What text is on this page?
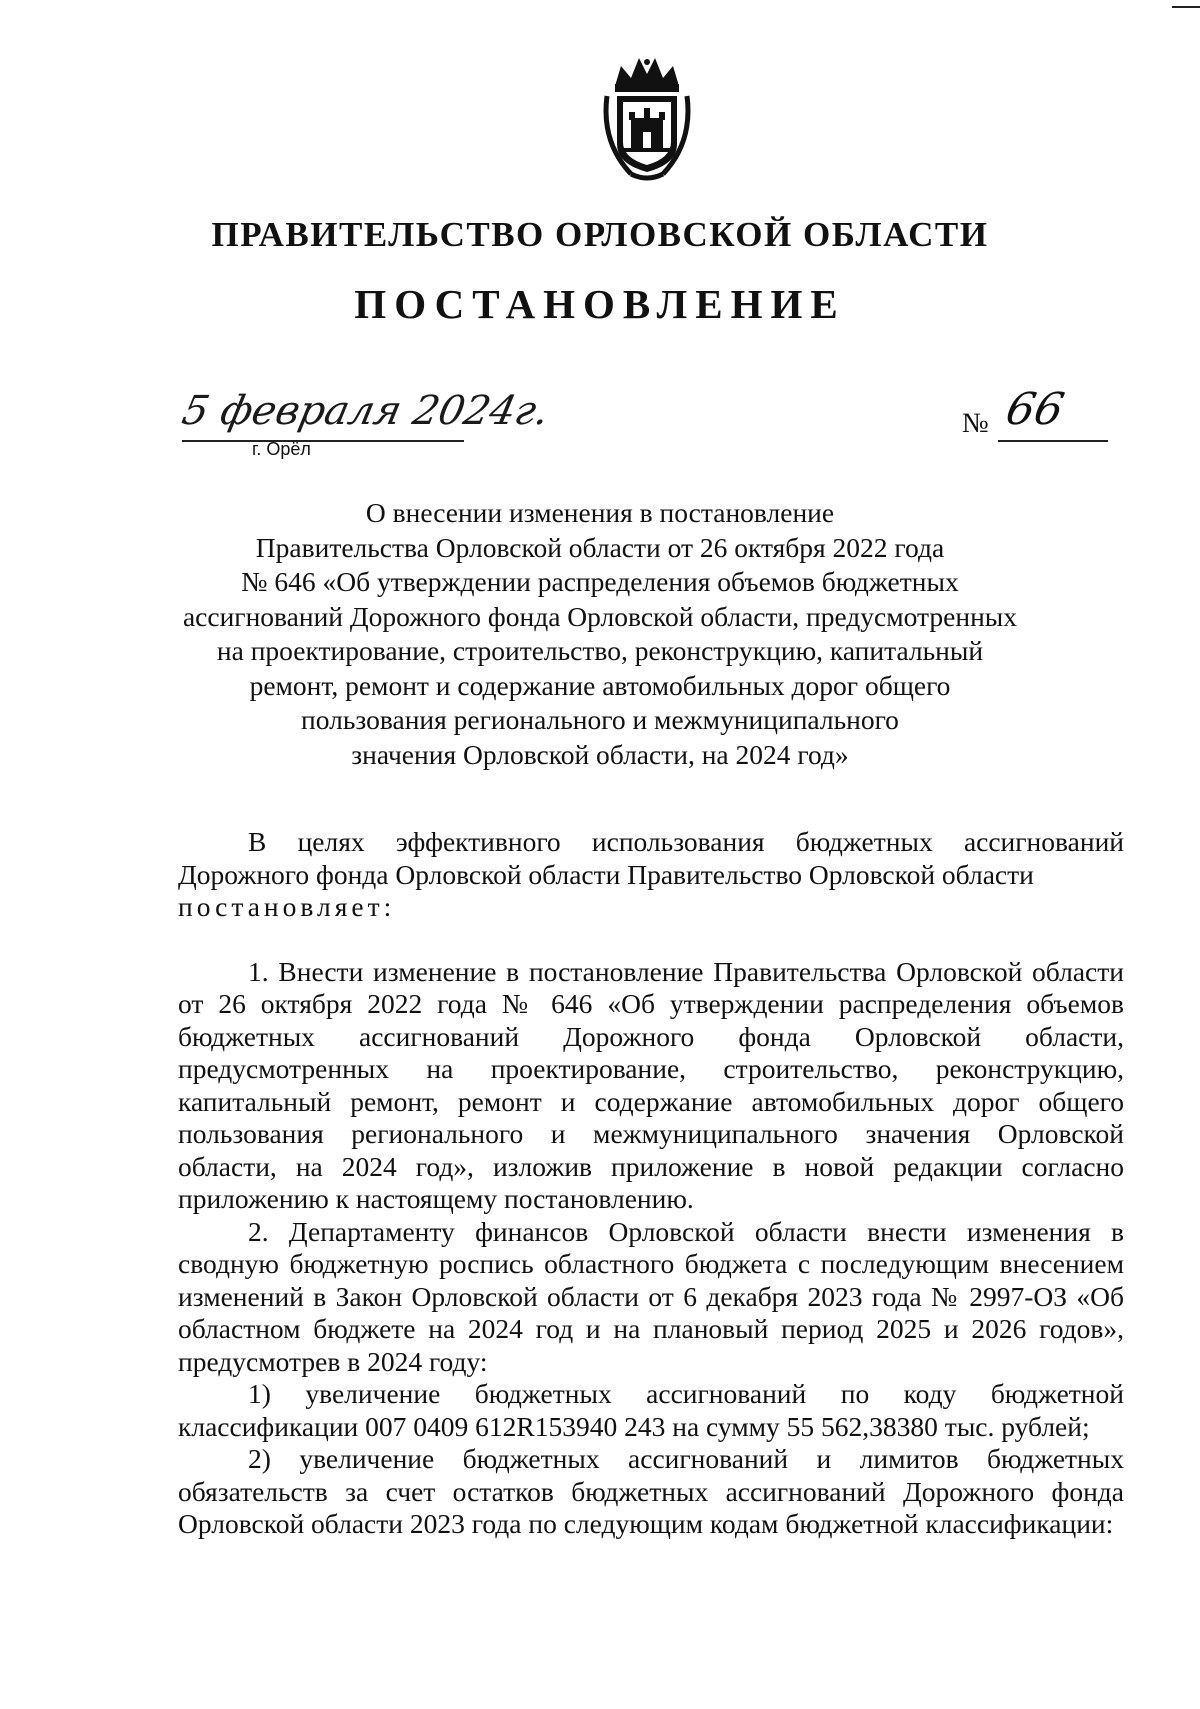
ПРАВИТЕЛЬСТВО ОРЛОВСКОЙ ОБЛАСТИ
ПОСТАНОВЛЕНИЕ
5 февраля 2024г.
г. Орёл
№ 66
О внесении изменения в постановление
Правительства Орловской области от 26 октября 2022 года
№ 646 «Об утверждении распределения объемов бюджетных
ассигнований Дорожного фонда Орловской области, предусмотренных
на проектирование, строительство, реконструкцию, капитальный
ремонт, ремонт и содержание автомобильных дорог общего
пользования регионального и межмуниципального
значения Орловской области, на 2024 год»
В целях эффективного использования бюджетных ассигнований Дорожного фонда Орловской области Правительство Орловской области
постановляет:
1. Внести изменение в постановление Правительства Орловской области от 26 октября 2022 года № 646 «Об утверждении распределения объемов бюджетных ассигнований Дорожного фонда Орловской области, предусмотренных на проектирование, строительство, реконструкцию, капитальный ремонт, ремонт и содержание автомобильных дорог общего пользования регионального и межмуниципального значения Орловской области, на 2024 год», изложив приложение в новой редакции согласно приложению к настоящему постановлению.
2. Департаменту финансов Орловской области внести изменения в сводную бюджетную роспись областного бюджета с последующим внесением изменений в Закон Орловской области от 6 декабря 2023 года № 2997-ОЗ «Об областном бюджете на 2024 год и на плановый период 2025 и 2026 годов», предусмотрев в 2024 году:
1) увеличение бюджетных ассигнований по коду бюджетной классификации 007 0409 612R153940 243 на сумму 55 562,38380 тыс. рублей;
2) увеличение бюджетных ассигнований и лимитов бюджетных обязательств за счет остатков бюджетных ассигнований Дорожного фонда Орловской области 2023 года по следующим кодам бюджетной классификации:
